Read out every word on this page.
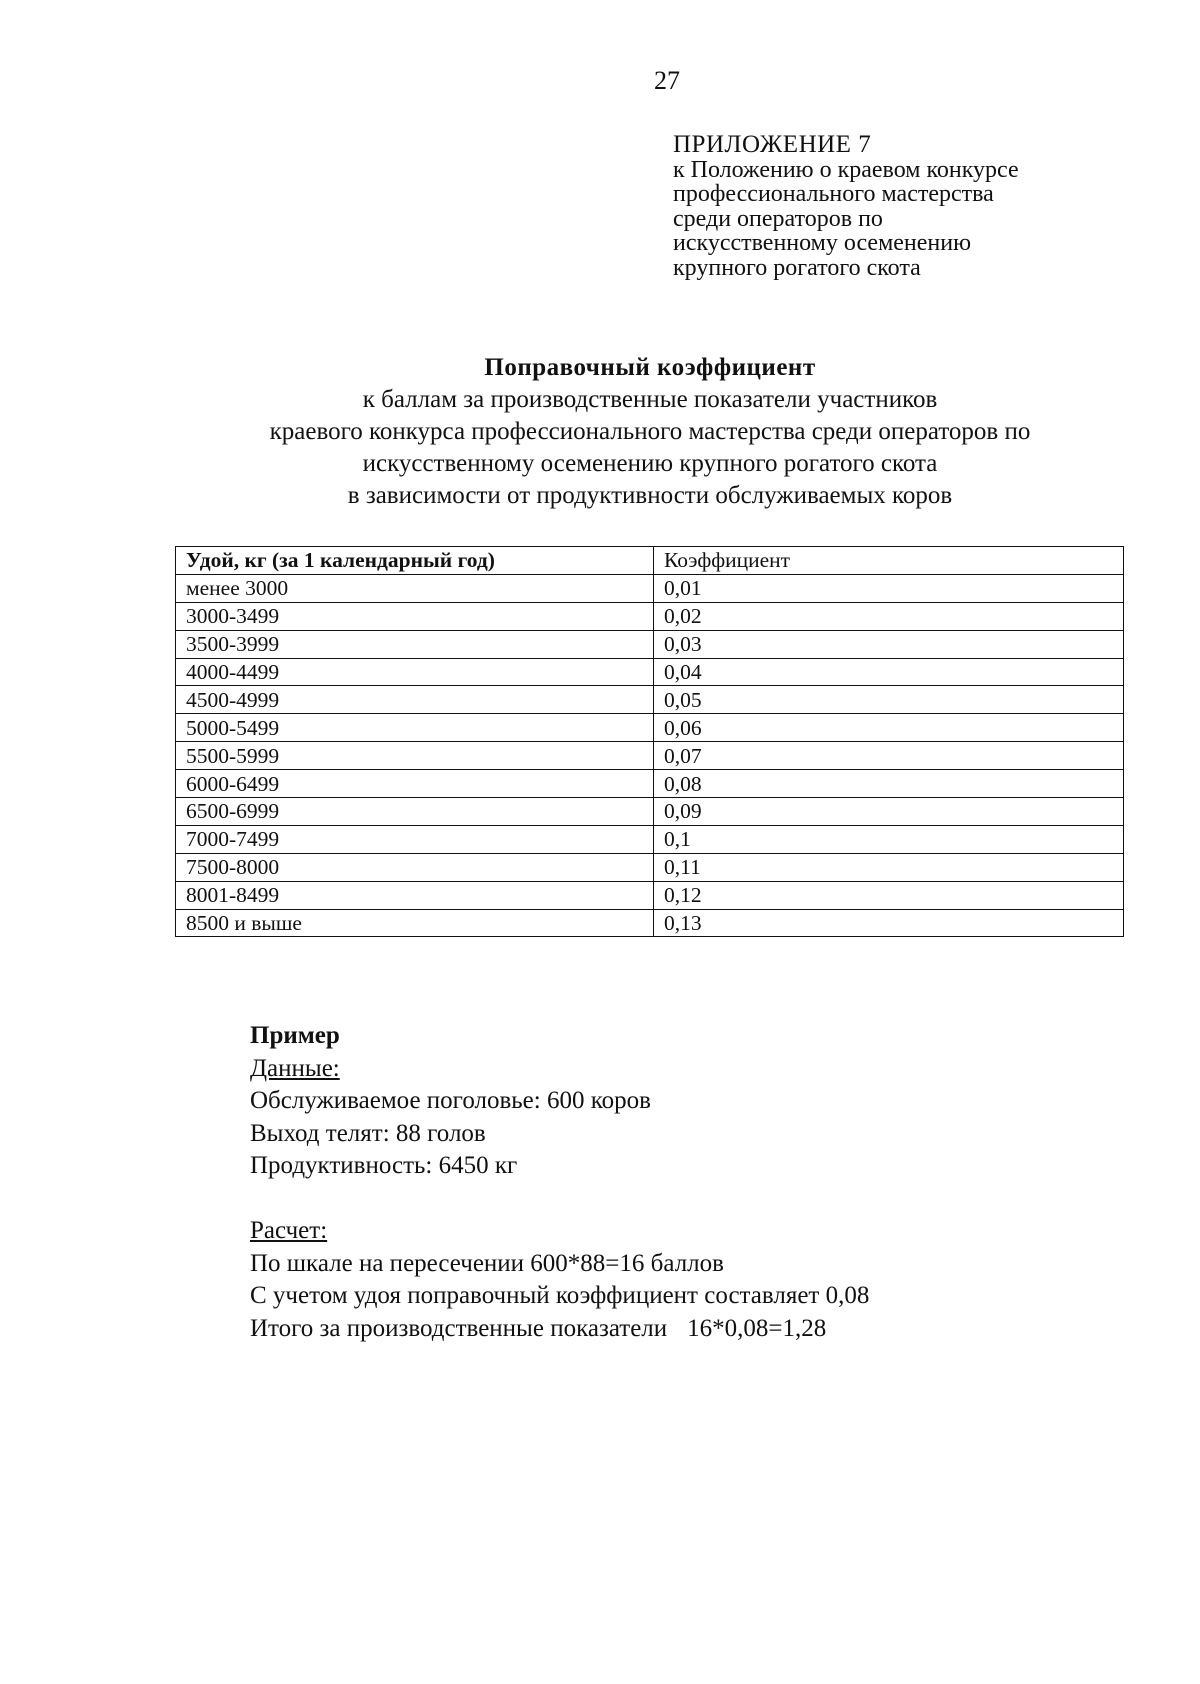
27
ПРИЛОЖЕНИЕ 7
к Положению о краевом конкурсе
профессионального мастерства
среди операторов по
искусственному осеменению
крупного рогатого скота
Поправочный коэффициент
к баллам за производственные показатели участников
краевого конкурса профессионального мастерства среди операторов по
искусственному осеменению крупного рогатого скота
в зависимости от продуктивности обслуживаемых коров
Удой, кг (за 1 календарный год)	Коэффициент
менее 3000	0,01
3000-3499	0,02
3500-3999	0,03
4000-4499	0,04
4500-4999	0,05
5000-5499	0,06
5500-5999	0,07
6000-6499	0,08
6500-6999	0,09
7000-7499	0,1
7500-8000	0,11
8001-8499	0,12
8500 и выше	0,13
Пример
Данные:
Обслуживаемое поголовье: 600 коров
Выход телят: 88 голов
Продуктивность: 6450 кг
Расчет:
По шкале на пересечении 600*88=16 баллов
С учетом удоя поправочный коэффициент составляет 0,08
Итого за производственные показатели 16*0,08=1,28
